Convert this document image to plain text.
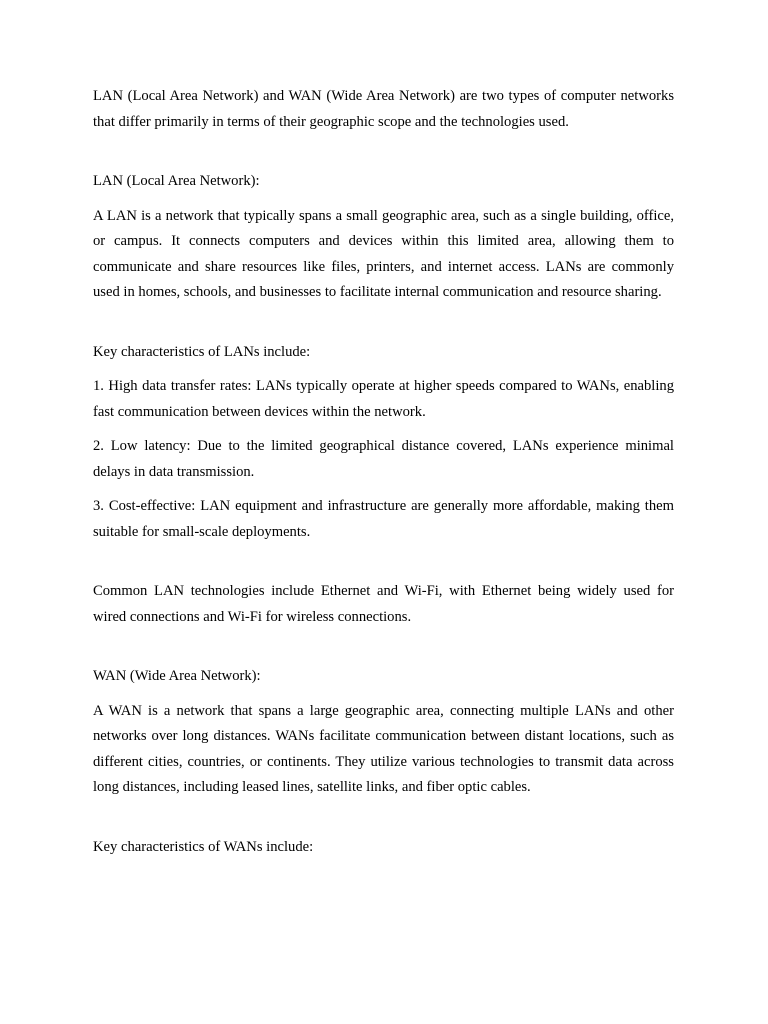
LAN (Local Area Network) and WAN (Wide Area Network) are two types of computer networks that differ primarily in terms of their geographic scope and the technologies used.

LAN (Local Area Network):

A LAN is a network that typically spans a small geographic area, such as a single building, office, or campus. It connects computers and devices within this limited area, allowing them to communicate and share resources like files, printers, and internet access. LANs are commonly used in homes, schools, and businesses to facilitate internal communication and resource sharing.

Key characteristics of LANs include:

1. High data transfer rates: LANs typically operate at higher speeds compared to WANs, enabling fast communication between devices within the network.

2. Low latency: Due to the limited geographical distance covered, LANs experience minimal delays in data transmission.

3. Cost-effective: LAN equipment and infrastructure are generally more affordable, making them suitable for small-scale deployments.

Common LAN technologies include Ethernet and Wi-Fi, with Ethernet being widely used for wired connections and Wi-Fi for wireless connections.

WAN (Wide Area Network):

A WAN is a network that spans a large geographic area, connecting multiple LANs and other networks over long distances. WANs facilitate communication between distant locations, such as different cities, countries, or continents. They utilize various technologies to transmit data across long distances, including leased lines, satellite links, and fiber optic cables.

Key characteristics of WANs include:
